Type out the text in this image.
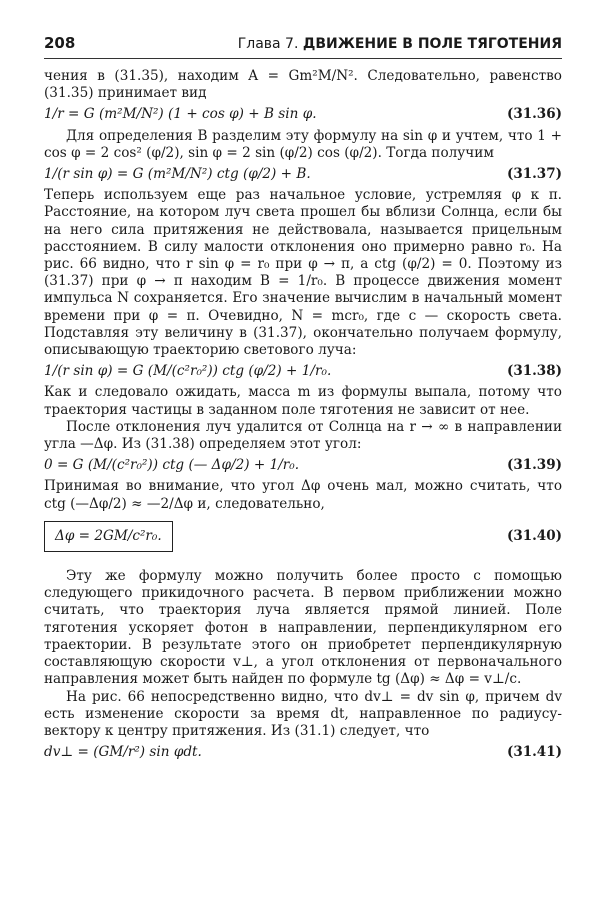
208	Глава 7. ДВИЖЕНИЕ В ПОЛЕ ТЯГОТЕНИЯ

чения в (31.35), находим A = Gm²M/N². Следовательно, равенство (31.35) принимает вид

1/r = G (m²M/N²) (1 + cos φ) + B sin φ.	(31.36)

Для определения B разделим эту формулу на sin φ и учтем, что 1 + cos φ = 2 cos² (φ/2), sin φ = 2 sin (φ/2) cos (φ/2). Тогда получим

1/(r sin φ) = G (m²M/N²) ctg (φ/2) + B.	(31.37)

Теперь используем еще раз начальное условие, устремляя φ к π. Расстояние, на котором луч света прошел бы вблизи Солнца, если бы на него сила притяжения не действовала, называется прицельным расстоянием. В силу малости отклонения оно примерно равно r₀. На рис. 66 видно, что r sin φ = r₀ при φ → π, а ctg (φ/2) = 0. Поэтому из (31.37) при φ → π находим B = 1/r₀. В процессе движения момент импульса N сохраняется. Его значение вычислим в начальный момент времени при φ = π. Очевидно, N = mcr₀, где c — скорость света. Подставляя эту величину в (31.37), окончательно получаем формулу, описывающую траекторию светового луча:

1/(r sin φ) = G (M/(c²r₀²)) ctg (φ/2) + 1/r₀.	(31.38)

Как и следовало ожидать, масса m из формулы выпала, потому что траектория частицы в заданном поле тяготения не зависит от нее.

После отклонения луч удалится от Солнца на r → ∞ в направлении угла —Δφ. Из (31.38) определяем этот угол:

0 = G (M/(c²r₀²)) ctg (— Δφ/2) + 1/r₀.	(31.39)

Принимая во внимание, что угол Δφ очень мал, можно считать, что ctg (—Δφ/2) ≈ —2/Δφ и, следовательно,

Δφ = 2GM/c²r₀.	(31.40)

Эту же формулу можно получить более просто с помощью следующего прикидочного расчета. В первом приближении можно считать, что траектория луча является прямой линией. Поле тяготения ускоряет фотон в направлении, перпендикулярном его траектории. В результате этого он приобретет перпендикулярную составляющую скорости v⊥, а угол отклонения от первоначального направления может быть найден по формуле tg (Δφ) ≈ Δφ = v⊥/c.

На рис. 66 непосредственно видно, что dv⊥ = dv sin φ, причем dv есть изменение скорости за время dt, направленное по радиусу-вектору к центру притяжения. Из (31.1) следует, что

dv⊥ = (GM/r²) sin φdt.	(31.41)
